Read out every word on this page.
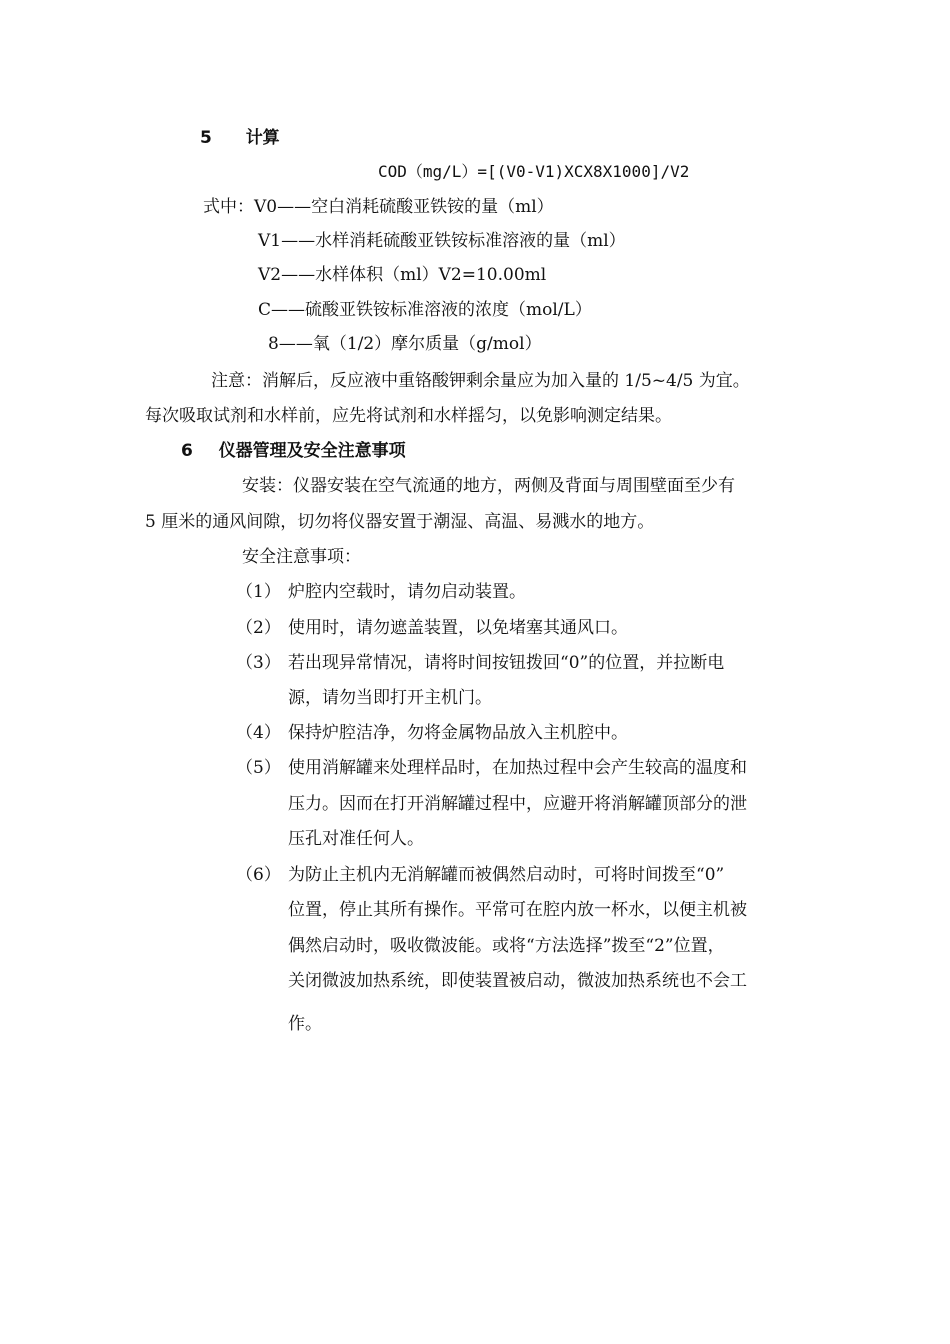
5 计算
COD（mg/L）=[(V0-V1)XCX8X1000]/V2
式中：V0——空白消耗硫酸亚铁铵的量（ml）
V1——水样消耗硫酸亚铁铵标准溶液的量（ml）
V2——水样体积（ml）V2=10.00ml
C——硫酸亚铁铵标准溶液的浓度（mol/L）
8——氧（1/2）摩尔质量（g/mol）
注意：消解后，反应液中重铬酸钾剩余量应为加入量的 1/5~4/5 为宜。
每次吸取试剂和水样前，应先将试剂和水样摇匀，以免影响测定结果。
6 仪器管理及安全注意事项
安装：仪器安装在空气流通的地方，两侧及背面与周围壁面至少有
5 厘米的通风间隙，切勿将仪器安置于潮湿、高温、易溅水的地方。
安全注意事项：
（1） 炉腔内空载时，请勿启动装置。
（2） 使用时，请勿遮盖装置，以免堵塞其通风口。
（3） 若出现异常情况，请将时间按钮拨回“0”的位置，并拉断电
源，请勿当即打开主机门。
（4） 保持炉腔洁净，勿将金属物品放入主机腔中。
（5） 使用消解罐来处理样品时，在加热过程中会产生较高的温度和
压力。因而在打开消解罐过程中，应避开将消解罐顶部分的泄
压孔对准任何人。
（6） 为防止主机内无消解罐而被偶然启动时，可将时间拨至“0”
位置，停止其所有操作。平常可在腔内放一杯水，以便主机被
偶然启动时，吸收微波能。或将“方法选择”拨至“2”位置，
关闭微波加热系统，即使装置被启动，微波加热系统也不会工
作。
